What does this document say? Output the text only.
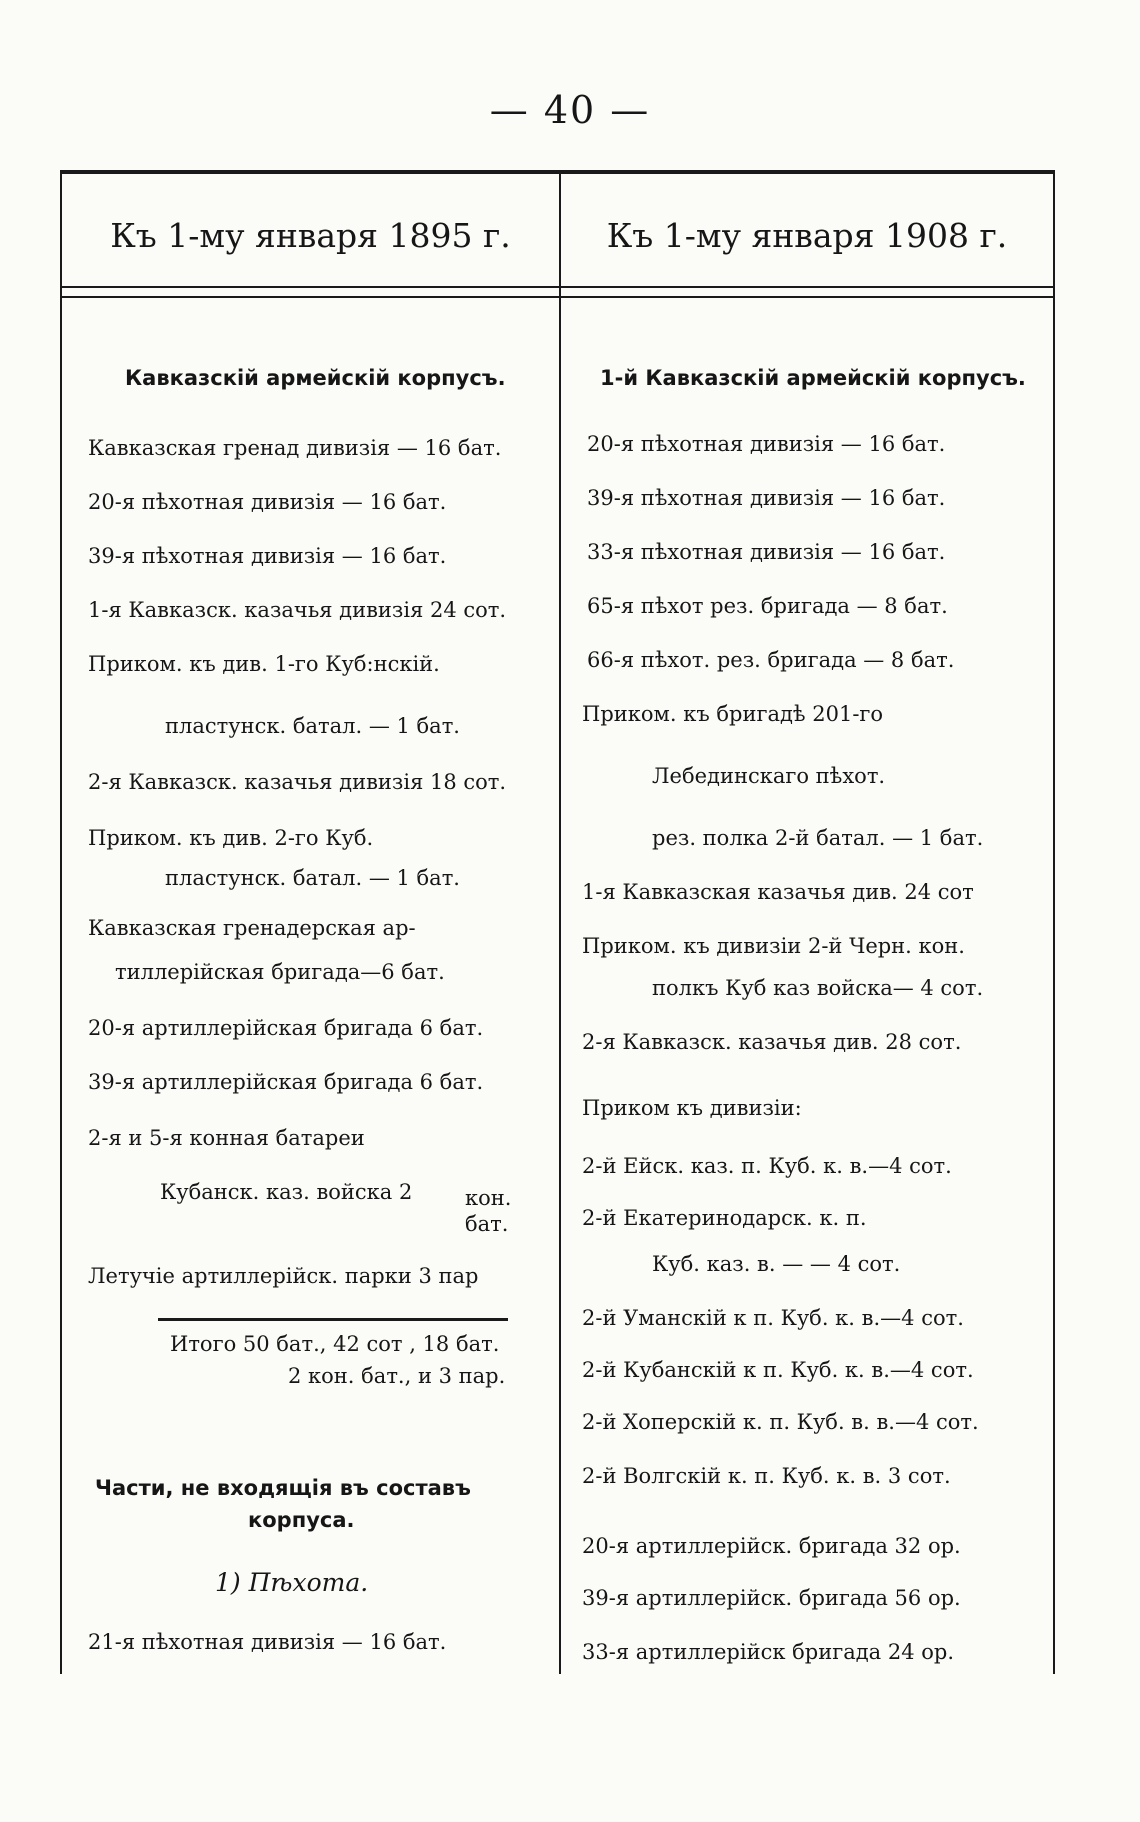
— 40 —
Къ 1-му января 1895 г.	Къ 1-му января 1908 г.
Кавказскій армейскій корпусъ.
Кавказская гренад дивизія — 16 бат.
20-я пѣхотная дивизія — 16 бат.
39-я пѣхотная дивизія — 16 бат.
1-я Кавказск. казачья дивизія 24 сот.
Приком. къ див. 1-го Куб:нскій.
пластунск. батал. — 1 бат.
2-я Кавказск. казачья дивизія 18 сот.
Приком. къ див. 2-го Куб.
пластунск. батал. — 1 бат.
Кавказская гренадерская ар-
тиллерійская бригада—6 бат.
20-я артиллерійская бригада 6 бат.
39-я артиллерійская бригада 6 бат.
2-я и 5-я конная батареи
Кубанск. каз. войска 2	кон.
бат.
Летучіе артиллерійск. парки 3 пар
Итого 50 бат., 42 сот , 18 бат.
2 кон. бат., и 3 пар.
Части, не входящія въ составъ
корпуса.
1) Пѣхота.
21-я пѣхотная дивизія — 16 бат.
1-й Кавказскій армейскій корпусъ.
20-я пѣхотная дивизія — 16 бат.
39-я пѣхотная дивизія — 16 бат.
33-я пѣхотная дивизія — 16 бат.
65-я пѣхот рез. бригада — 8 бат.
66-я пѣхот. рез. бригада — 8 бат.
Приком. къ бригадѣ 201-го
Лебединскаго пѣхот.
рез. полка 2-й батал. — 1 бат.
1-я Кавказская казачья див. 24 сот
Приком. къ дивизіи 2-й Черн. кон.
полкъ Куб каз войска— 4 сот.
2-я Кавказск. казачья див. 28 сот.
Приком къ дивизіи:
2-й Ейск. каз. п. Куб. к. в.—4 сот.
2-й Екатеринодарск. к. п.
Куб. каз. в. — — 4 сот.
2-й Уманскій к п. Куб. к. в.—4 сот.
2-й Кубанскій к п. Куб. к. в.—4 сот.
2-й Хоперскій к. п. Куб. в. в.—4 сот.
2-й Волгскій к. п. Куб. к. в. 3 сот.
20-я артиллерійск. бригада 32 ор.
39-я артиллерійск. бригада 56 ор.
33-я артиллерійск бригада 24 ор.
